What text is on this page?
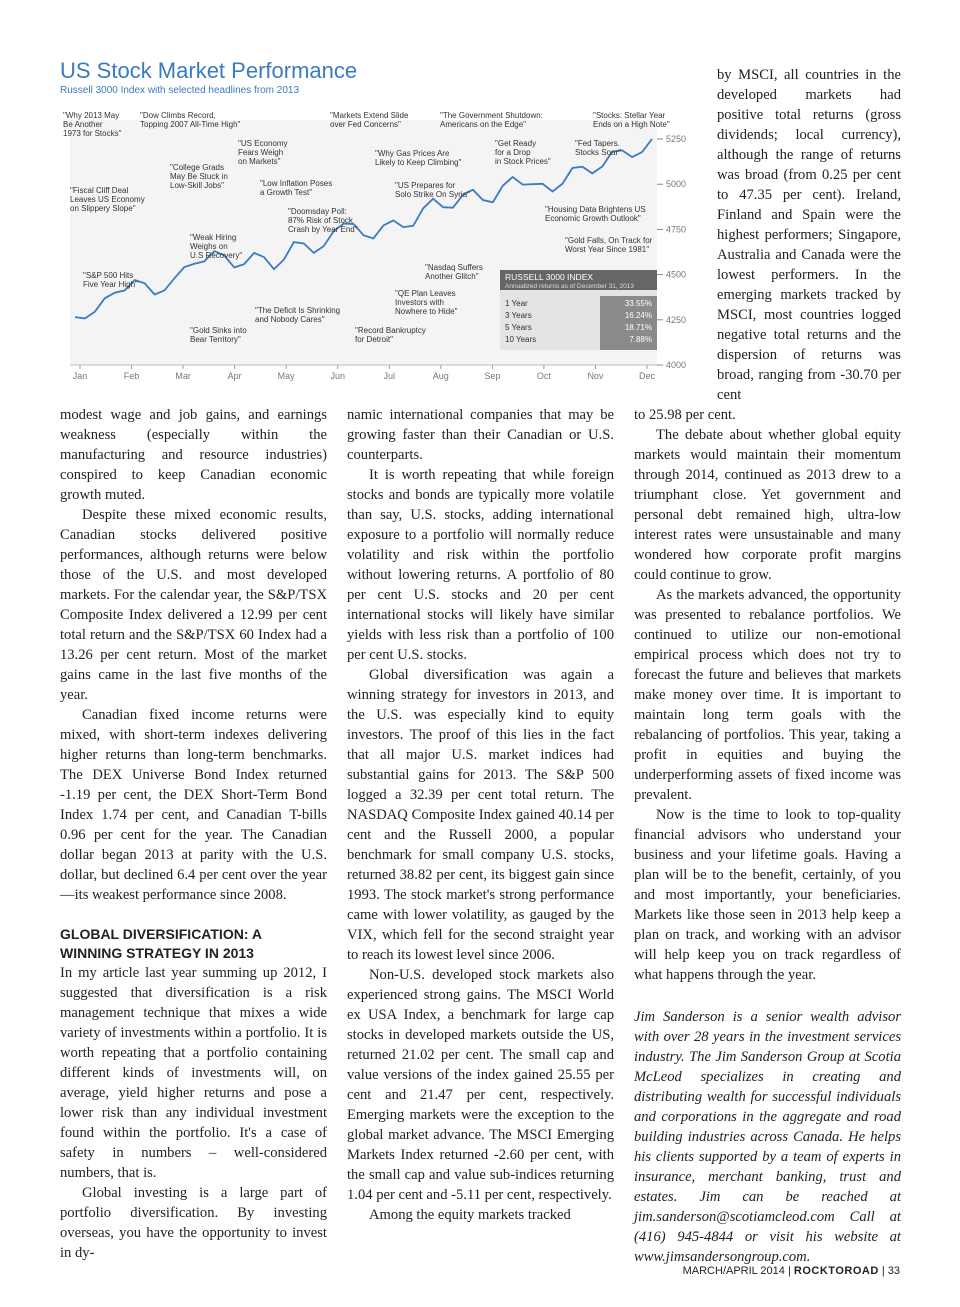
US Stock Market Performance
Russell 3000 Index with selected headlines from 2013
4000
4250
4500
4750
5000
5250
Jan	Feb	Mar	Apr	May	Jun	Jul	Aug	Sep	Oct	Nov	Dec
"Why 2013 May Be Another 1973 for Stocks"
"Dow Climbs Record, Topping 2007 All-Time High"
"Markets Extend Slide over Fed Concerns"
"The Government Shutdown: Americans on the Edge"
"Stocks: Stellar Year Ends on a High Note"
"US Economy Fears Weigh on Markets"
"Get Ready for a Drop in Stock Prices"
"Fed Tapers. Stocks Soar"
"College Grads May Be Stuck in Low-Skill Jobs"
"Why Gas Prices Are Likely to Keep Climbing"
"Fiscal Cliff Deal Leaves US Economy on Slippery Slope"
"Low Inflation Poses a Growth Test"
"US Prepares for Solo Strike On Syria"
"Doomsday Poll: 87% Risk of Stock Crash by Year End"
"Housing Data Brightens US Economic Growth Outlook"
"Weak Hiring Weighs on U.S Recovery"
"Gold Falls, On Track for Worst Year Since 1981"
"Nasdaq Suffers Another Glitch"
"S&P 500 Hits Five Year High"
"QE Plan Leaves Investors with Nowhere to Hide"
"The Deficit Is Shrinking and Nobody Cares"
"Gold Sinks into Bear Territory"
"Record Bankruptcy for Detroit"
RUSSELL 3000 INDEX
Annualized returns as of December 31, 2013
1 Year	33.55%
3 Years	16.24%
5 Years	18.71%
10 Years	7.88%

modest wage and job gains, and earnings weakness (especially within the manufacturing and resource industries) conspired to keep Canadian economic growth muted.

Despite these mixed economic results, Canadian stocks delivered positive performances, although returns were below those of the U.S. and most developed markets. For the calendar year, the S&P/TSX Composite Index delivered a 12.99 per cent total return and the S&P/TSX 60 Index had a 13.26 per cent return. Most of the market gains came in the last five months of the year.

Canadian fixed income returns were mixed, with short-term indexes delivering higher returns than long-term benchmarks. The DEX Universe Bond Index returned -1.19 per cent, the DEX Short-Term Bond Index 1.74 per cent, and Canadian T-bills 0.96 per cent for the year. The Canadian dollar began 2013 at parity with the U.S. dollar, but declined 6.4 per cent over the year—its weakest performance since 2008.

GLOBAL DIVERSIFICATION: A WINNING STRATEGY IN 2013

In my article last year summing up 2012, I suggested that diversification is a risk management technique that mixes a wide variety of investments within a portfolio. It is worth repeating that a portfolio containing different kinds of investments will, on average, yield higher returns and pose a lower risk than any individual investment found within the portfolio. It's a case of safety in numbers – well-considered numbers, that is.

Global investing is a large part of portfolio diversification. By investing overseas, you have the opportunity to invest in dy-

namic international companies that may be growing faster than their Canadian or U.S. counterparts.

It is worth repeating that while foreign stocks and bonds are typically more volatile than say, U.S. stocks, adding international exposure to a portfolio will normally reduce volatility and risk within the portfolio without lowering returns. A portfolio of 80 per cent U.S. stocks and 20 per cent international stocks will likely have similar yields with less risk than a portfolio of 100 per cent U.S. stocks.

Global diversification was again a winning strategy for investors in 2013, and the U.S. was especially kind to equity investors. The proof of this lies in the fact that all major U.S. market indices had substantial gains for 2013. The S&P 500 logged a 32.39 per cent total return. The NASDAQ Composite Index gained 40.14 per cent and the Russell 2000, a popular benchmark for small company U.S. stocks, returned 38.82 per cent, its biggest gain since 1993. The stock market's strong performance came with lower volatility, as gauged by the VIX, which fell for the second straight year to reach its lowest level since 2006.

Non-U.S. developed stock markets also experienced strong gains. The MSCI World ex USA Index, a benchmark for large cap stocks in developed markets outside the US, returned 21.02 per cent. The small cap and value versions of the index gained 25.55 per cent and 21.47 per cent, respectively. Emerging markets were the exception to the global market advance. The MSCI Emerging Markets Index returned -2.60 per cent, with the small cap and value sub-indices returning 1.04 per cent and -5.11 per cent, respectively.

Among the equity markets tracked

by MSCI, all countries in the developed markets had positive total returns (gross dividends; local currency), although the range of returns was broad (from 0.25 per cent to 47.35 per cent). Ireland, Finland and Spain were the highest performers; Singapore, Australia and Canada were the lowest performers. In the emerging markets tracked by MSCI, most countries logged negative total returns and the dispersion of returns was broad, ranging from -30.70 per cent

to 25.98 per cent.

The debate about whether global equity markets would maintain their momentum through 2014, continued as 2013 drew to a triumphant close. Yet government and personal debt remained high, ultra-low interest rates were unsustainable and many wondered how corporate profit margins could continue to grow.

As the markets advanced, the opportunity was presented to rebalance portfolios. We continued to utilize our non-emotional empirical process which does not try to forecast the future and believes that markets make money over time. It is important to maintain long term goals with the rebalancing of portfolios. This year, taking a profit in equities and buying the underperforming assets of fixed income was prevalent.

Now is the time to look to top-quality financial advisors who understand your business and your lifetime goals. Having a plan will be to the benefit, certainly, of you and most importantly, your beneficiaries. Markets like those seen in 2013 help keep a plan on track, and working with an advisor will help keep you on track regardless of what happens through the year.

Jim Sanderson is a senior wealth advisor with over 28 years in the investment services industry. The Jim Sanderson Group at Scotia McLeod specializes in creating and distributing wealth for successful individuals and corporations in the aggregate and road building industries across Canada. He helps his clients supported by a team of experts in insurance, merchant banking, trust and estates. Jim can be reached at jim.sanderson@scotiamcleod.com Call at (416) 945-4844 or visit his website at www.jimsandersongroup.com.

MARCH/APRIL 2014 | ROCKTOROAD | 33
